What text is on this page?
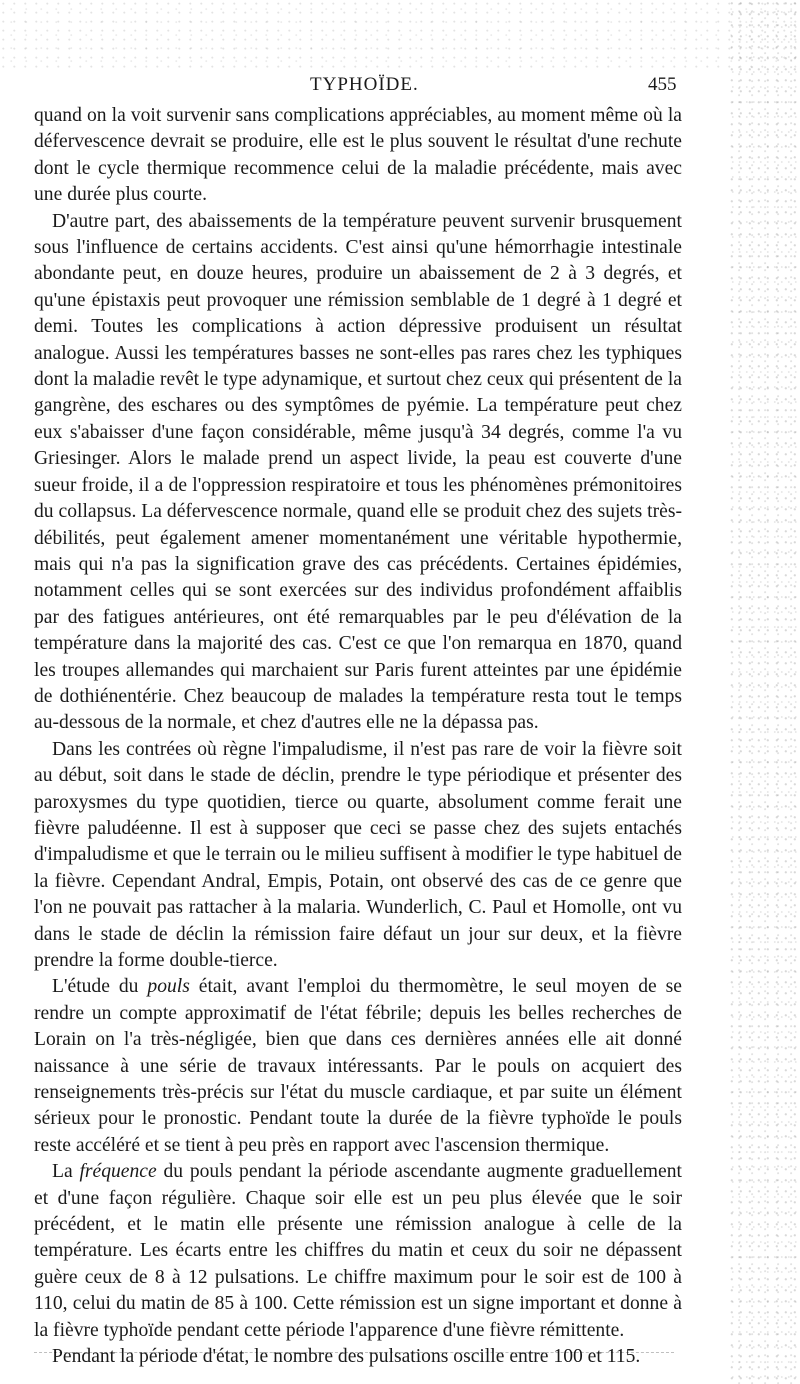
TYPHOÏDE.	455

quand on la voit survenir sans complications appréciables, au moment même où la défervescence devrait se produire, elle est le plus souvent le résultat d'une rechute dont le cycle thermique recommence celui de la maladie précédente, mais avec une durée plus courte.

D'autre part, des abaissements de la température peuvent survenir brusquement sous l'influence de certains accidents. C'est ainsi qu'une hémorrhagie intestinale abondante peut, en douze heures, produire un abaissement de 2 à 3 degrés, et qu'une épistaxis peut provoquer une rémission semblable de 1 degré à 1 degré et demi. Toutes les complications à action dépressive produisent un résultat analogue. Aussi les températures basses ne sont-elles pas rares chez les typhiques dont la maladie revêt le type adynamique, et surtout chez ceux qui présentent de la gangrène, des eschares ou des symptômes de pyémie. La température peut chez eux s'abaisser d'une façon considérable, même jusqu'à 34 degrés, comme l'a vu Griesinger. Alors le malade prend un aspect livide, la peau est couverte d'une sueur froide, il a de l'oppression respiratoire et tous les phénomènes prémonitoires du collapsus. La défervescence normale, quand elle se produit chez des sujets très-débilités, peut également amener momentanément une véritable hypothermie, mais qui n'a pas la signification grave des cas précédents. Certaines épidémies, notamment celles qui se sont exercées sur des individus profondément affaiblis par des fatigues antérieures, ont été remarquables par le peu d'élévation de la température dans la majorité des cas. C'est ce que l'on remarqua en 1870, quand les troupes allemandes qui marchaient sur Paris furent atteintes par une épidémie de dothiénentérie. Chez beaucoup de malades la température resta tout le temps au-dessous de la normale, et chez d'autres elle ne la dépassa pas.

Dans les contrées où règne l'impaludisme, il n'est pas rare de voir la fièvre soit au début, soit dans le stade de déclin, prendre le type périodique et présenter des paroxysmes du type quotidien, tierce ou quarte, absolument comme ferait une fièvre paludéenne. Il est à supposer que ceci se passe chez des sujets entachés d'impaludisme et que le terrain ou le milieu suffisent à modifier le type habituel de la fièvre. Cependant Andral, Empis, Potain, ont observé des cas de ce genre que l'on ne pouvait pas rattacher à la malaria. Wunderlich, C. Paul et Homolle, ont vu dans le stade de déclin la rémission faire défaut un jour sur deux, et la fièvre prendre la forme double-tierce.

L'étude du pouls était, avant l'emploi du thermomètre, le seul moyen de se rendre un compte approximatif de l'état fébrile; depuis les belles recherches de Lorain on l'a très-négligée, bien que dans ces dernières années elle ait donné naissance à une série de travaux intéressants. Par le pouls on acquiert des renseignements très-précis sur l'état du muscle cardiaque, et par suite un élément sérieux pour le pronostic. Pendant toute la durée de la fièvre typhoïde le pouls reste accéléré et se tient à peu près en rapport avec l'ascension thermique.

La fréquence du pouls pendant la période ascendante augmente graduellement et d'une façon régulière. Chaque soir elle est un peu plus élevée que le soir précédent, et le matin elle présente une rémission analogue à celle de la température. Les écarts entre les chiffres du matin et ceux du soir ne dépassent guère ceux de 8 à 12 pulsations. Le chiffre maximum pour le soir est de 100 à 110, celui du matin de 85 à 100. Cette rémission est un signe important et donne à la fièvre typhoïde pendant cette période l'apparence d'une fièvre rémittente.

Pendant la période d'état, le nombre des pulsations oscille entre 100 et 115.
